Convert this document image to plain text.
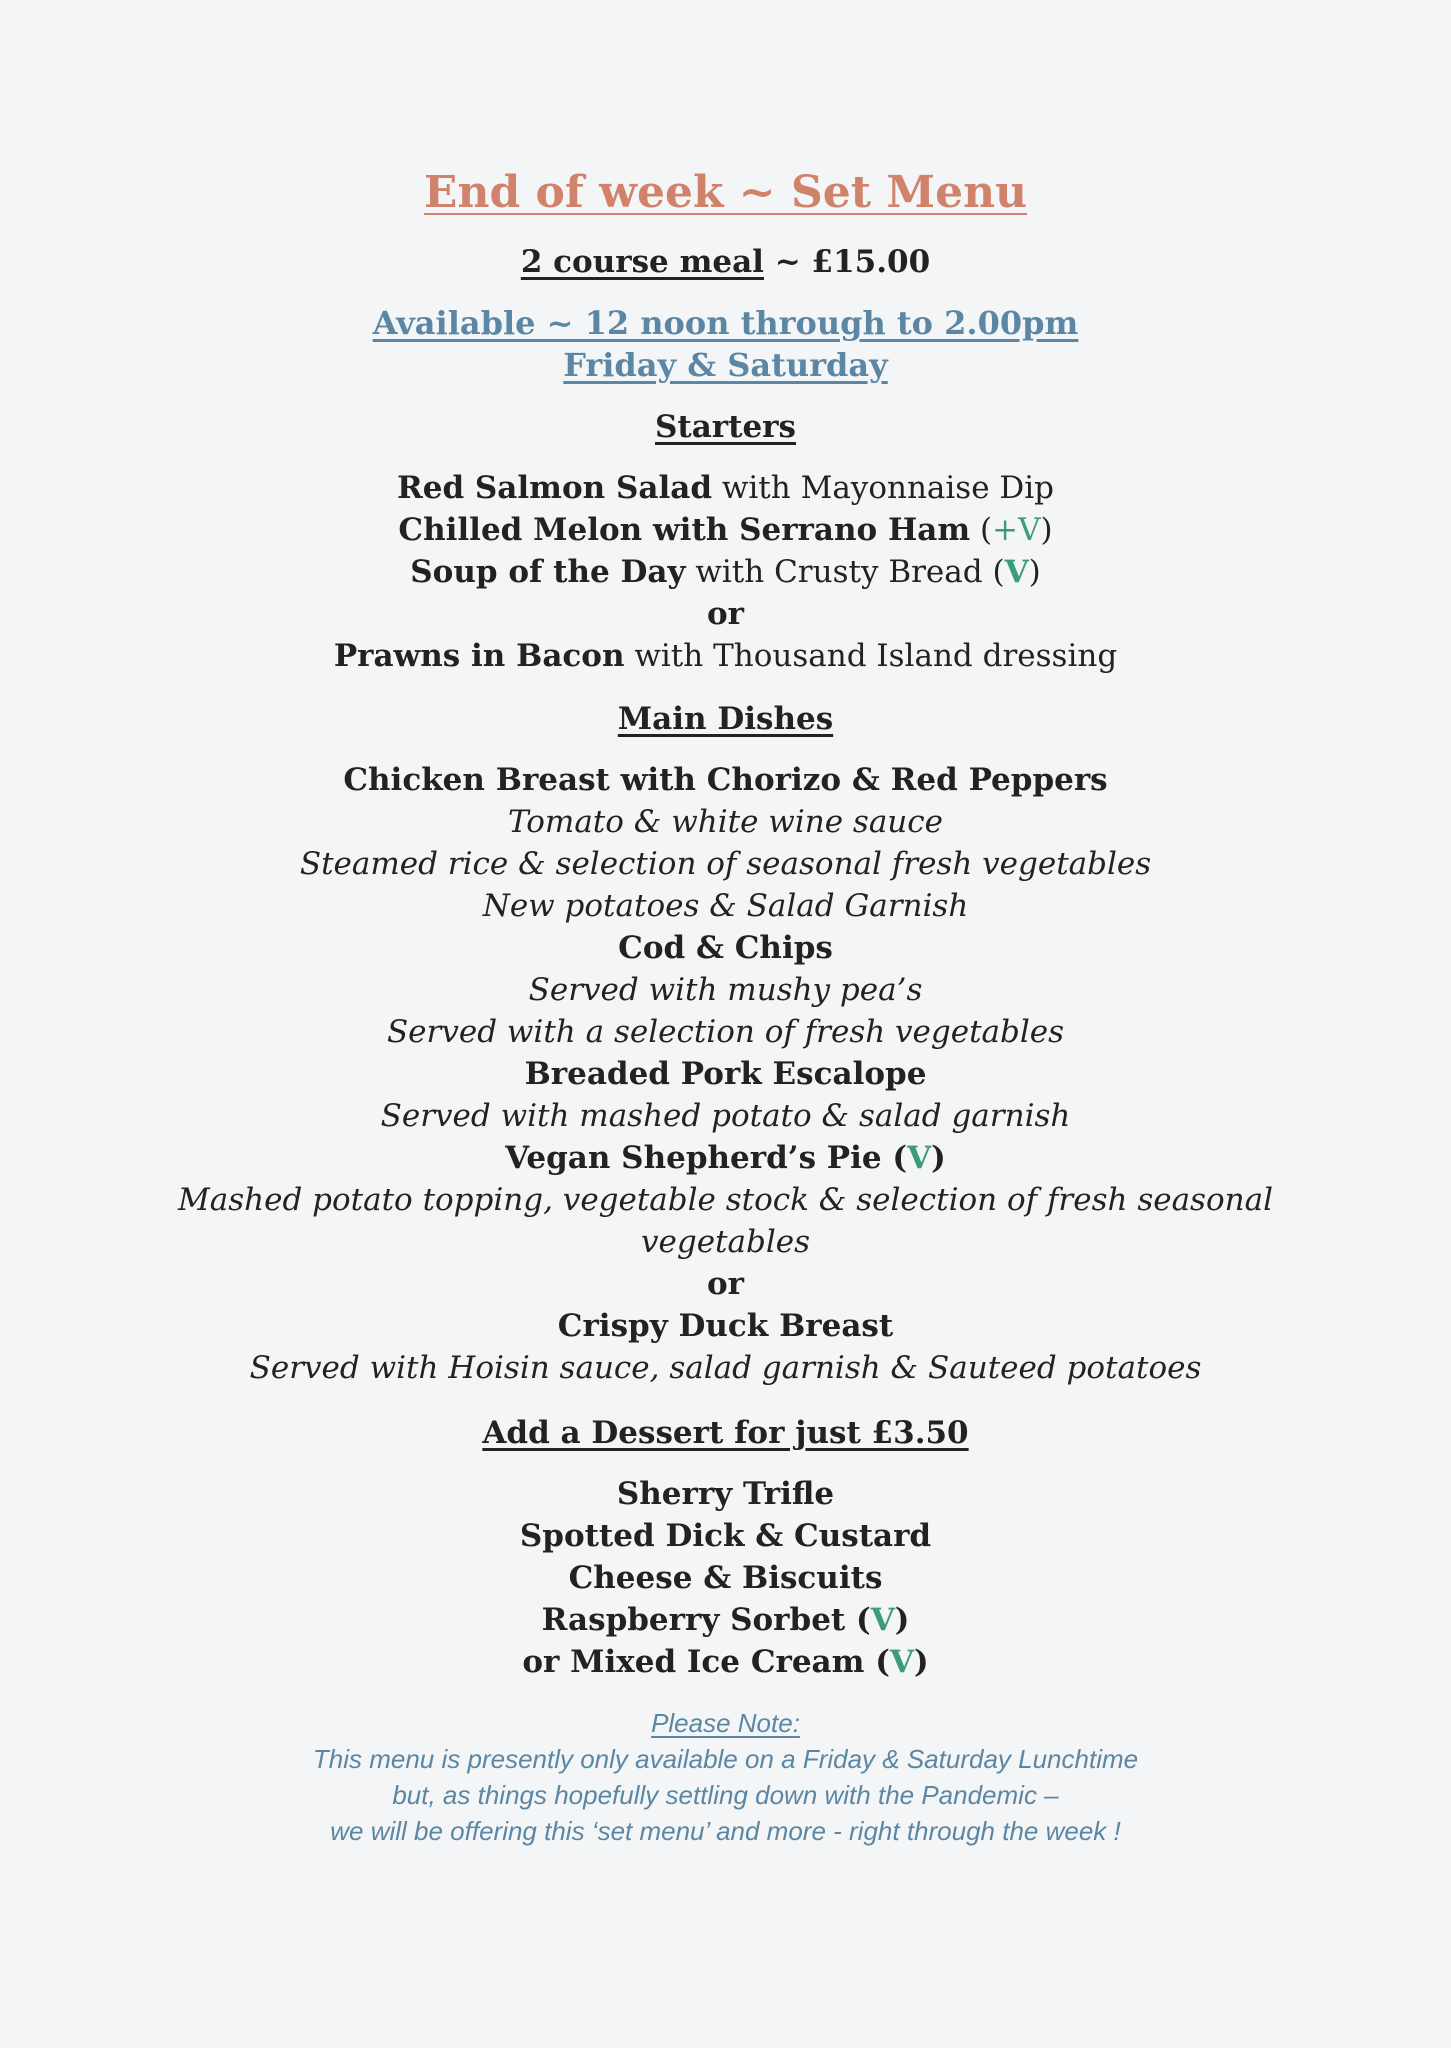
End of week ~ Set Menu
2 course meal ~ £15.00
Available ~ 12 noon through to 2.00pm
Friday & Saturday
Starters
Red Salmon Salad with Mayonnaise Dip
Chilled Melon with Serrano Ham (+V)
Soup of the Day with Crusty Bread (V)
or
Prawns in Bacon with Thousand Island dressing
Main Dishes
Chicken Breast with Chorizo & Red Peppers
Tomato & white wine sauce
Steamed rice & selection of seasonal fresh vegetables
New potatoes & Salad Garnish
Cod & Chips
Served with mushy pea’s
Served with a selection of fresh vegetables
Breaded Pork Escalope
Served with mashed potato & salad garnish
Vegan Shepherd’s Pie (V)
Mashed potato topping, vegetable stock & selection of fresh seasonal vegetables
or
Crispy Duck Breast
Served with Hoisin sauce, salad garnish & Sauteed potatoes
Add a Dessert for just £3.50
Sherry Trifle
Spotted Dick & Custard
Cheese & Biscuits
Raspberry Sorbet (V)
or Mixed Ice Cream (V)
Please Note:
This menu is presently only available on a Friday & Saturday Lunchtime
but, as things hopefully settling down with the Pandemic –
we will be offering this ‘set menu’ and more - right through the week !
